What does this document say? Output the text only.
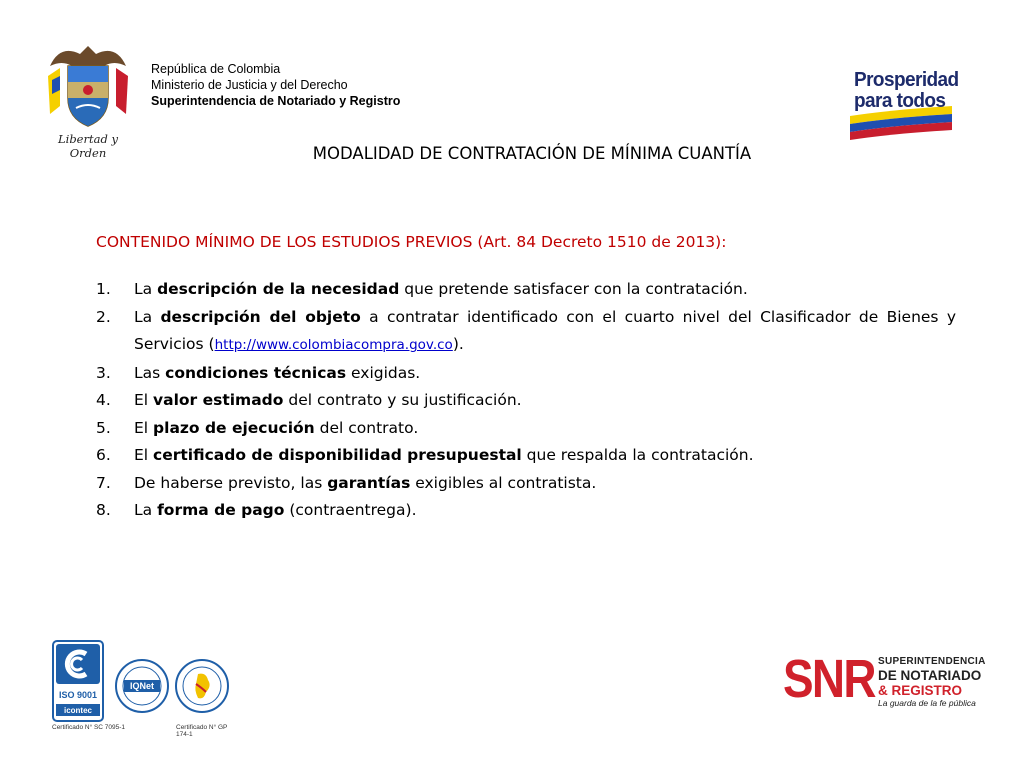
Libertad y Orden
República de Colombia
Ministerio de Justicia y del Derecho
Superintendencia de Notariado y Registro
Prosperidad
para todos
MODALIDAD DE CONTRATACIÓN DE MÍNIMA CUANTÍA
CONTENIDO MÍNIMO DE LOS ESTUDIOS PREVIOS (Art. 84 Decreto 1510 de 2013):
1. La descripción de la necesidad que pretende satisfacer con la contratación.
2. La descripción del objeto a contratar identificado con el cuarto nivel del Clasificador de Bienes y Servicios (http://www.colombiacompra.gov.co).
3. Las condiciones técnicas exigidas.
4. El valor estimado del contrato y su justificación.
5. El plazo de ejecución del contrato.
6. El certificado de disponibilidad presupuestal que respalda la contratación.
7. De haberse previsto, las garantías exigibles al contratista.
8. La forma de pago (contraentrega).
ISO 9001
icontec
IQNet
Certificado N° SC 7095-1	Certificado N° GP 174-1
SNR SUPERINTENDENCIA
DE NOTARIADO
& REGISTRO
La guarda de la fe pública
